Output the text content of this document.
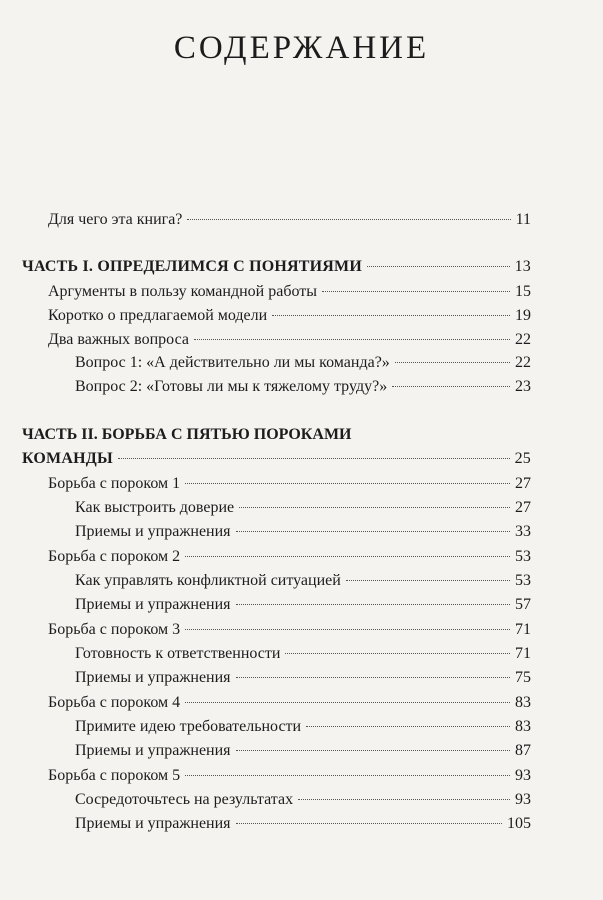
СОДЕРЖАНИЕ
Для чего эта книга?	11
ЧАСТЬ I. ОПРЕДЕЛИМСЯ С ПОНЯТИЯМИ	13
Аргументы в пользу командной работы	15
Коротко о предлагаемой модели	19
Два важных вопроса	22
Вопрос 1: «А действительно ли мы команда?»	22
Вопрос 2: «Готовы ли мы к тяжелому труду?»	23
ЧАСТЬ II. БОРЬБА С ПЯТЬЮ ПОРОКАМИ
КОМАНДЫ	25
Борьба с пороком 1	27
Как выстроить доверие	27
Приемы и упражнения	33
Борьба с пороком 2	53
Как управлять конфликтной ситуацией	53
Приемы и упражнения	57
Борьба с пороком 3	71
Готовность к ответственности	71
Приемы и упражнения	75
Борьба с пороком 4	83
Примите идею требовательности	83
Приемы и упражнения	87
Борьба с пороком 5	93
Сосредоточьтесь на результатах	93
Приемы и упражнения	105
